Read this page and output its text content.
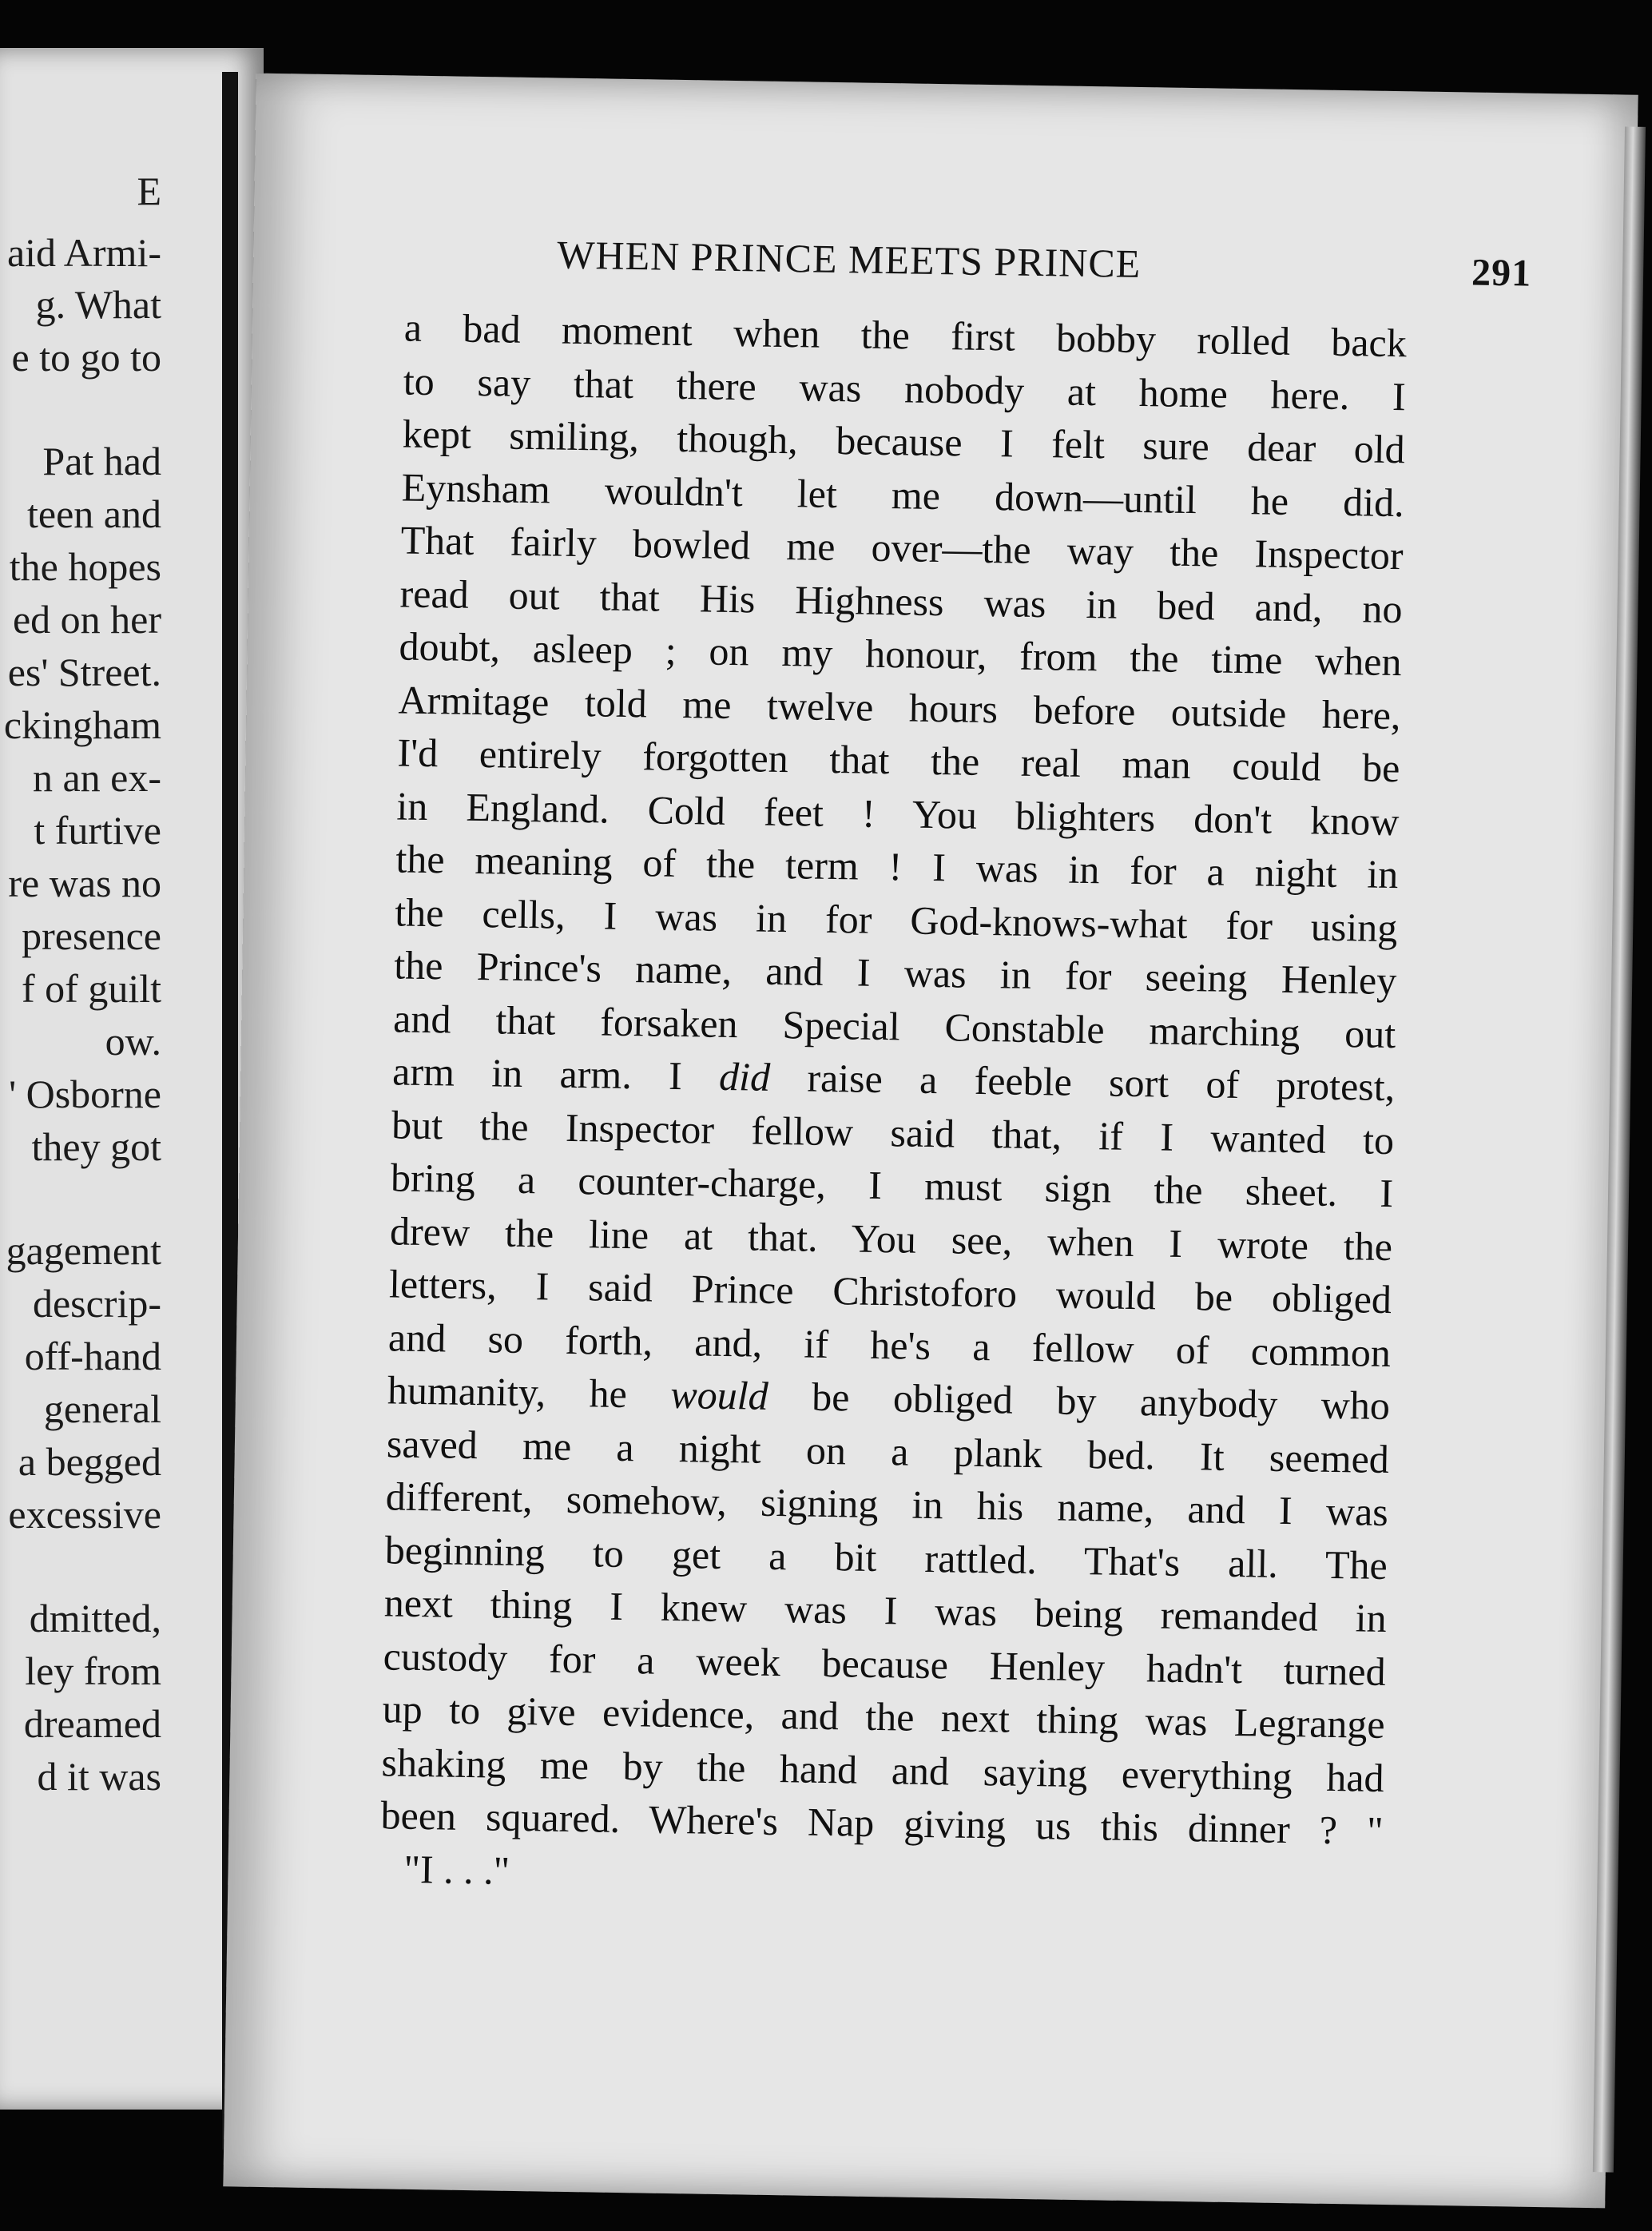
E
aid Armi-
g. What
e to go to
Pat had
teen and
the hopes
ed on her
es' Street.
ckingham
n an ex-
t furtive
re was no
presence
f of guilt
ow.
' Osborne
they got
gagement
descrip-
off-hand
general
a begged
excessive
dmitted,
ley from
dreamed
d it was
WHEN PRINCE MEETS PRINCE	291
a bad moment when the first bobby rolled back
to say that there was nobody at home here. I
kept smiling, though, because I felt sure dear old
Eynsham wouldn't let me down—until he did.
That fairly bowled me over—the way the Inspector
read out that His Highness was in bed and, no
doubt, asleep ; on my honour, from the time when
Armitage told me twelve hours before outside here,
I'd entirely forgotten that the real man could be
in England. Cold feet ! You blighters don't know
the meaning of the term ! I was in for a night in
the cells, I was in for God-knows-what for using
the Prince's name, and I was in for seeing Henley
and that forsaken Special Constable marching out
arm in arm. I did raise a feeble sort of protest,
but the Inspector fellow said that, if I wanted to
bring a counter-charge, I must sign the sheet. I
drew the line at that. You see, when I wrote the
letters, I said Prince Christoforo would be obliged
and so forth, and, if he's a fellow of common
humanity, he would be obliged by anybody who
saved me a night on a plank bed. It seemed
different, somehow, signing in his name, and I was
beginning to get a bit rattled. That's all. The
next thing I knew was I was being remanded in
custody for a week because Henley hadn't turned
up to give evidence, and the next thing was Legrange
shaking me by the hand and saying everything had
been squared. Where's Nap giving us this dinner ? "
"I . . ."
